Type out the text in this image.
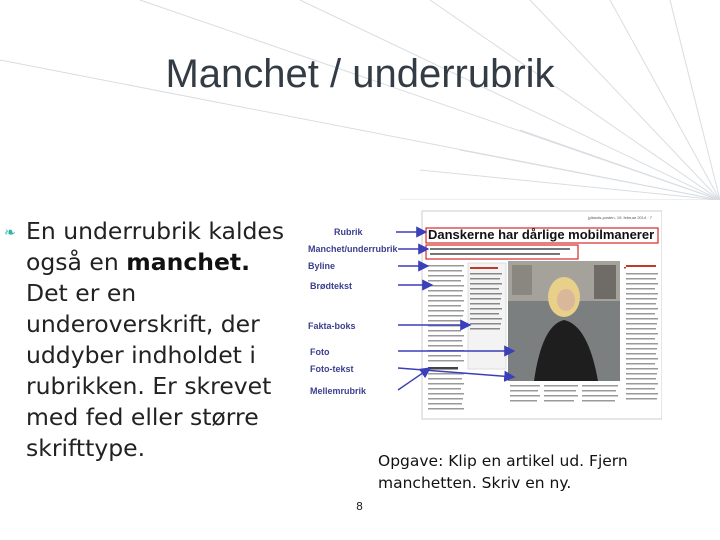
Manchet / underrubrik
❧ En underrubrik kaldes også en manchet. Det er en underoverskrift, der uddyber indholdet i rubrikken. Er skrevet med fed eller større skrifttype.
Rubrik
Manchet/underrubrik
Byline
Brødtekst
Fakta-boks
Foto
Foto-tekst
Mellemrubrik
jyllands-posten, 19. februar 2014 · 7
Danskerne har dårlige mobilmanerer
Opgave: Klip en artikel ud. Fjern manchetten. Skriv en ny.
8
